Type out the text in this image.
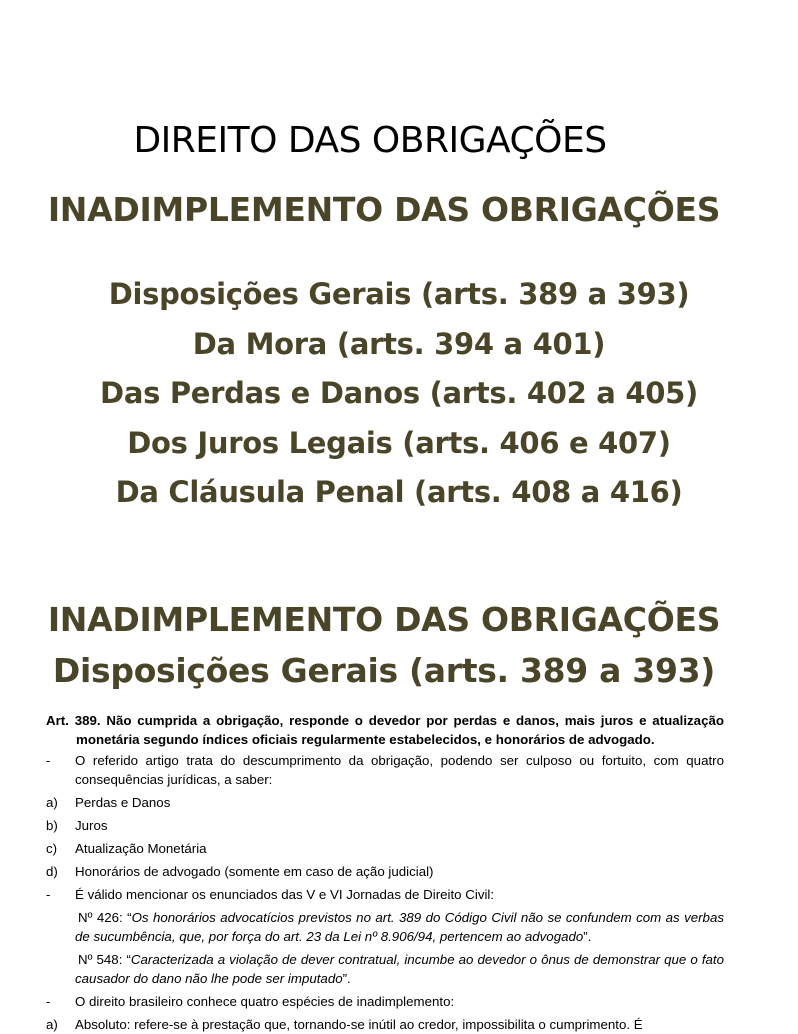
DIREITO DAS OBRIGAÇÕES
INADIMPLEMENTO DAS OBRIGAÇÕES
Disposições Gerais (arts. 389 a 393)
Da Mora (arts. 394 a 401)
Das Perdas e Danos (arts. 402 a 405)
Dos Juros Legais (arts. 406 e 407)
Da Cláusula Penal (arts. 408 a 416)
INADIMPLEMENTO DAS OBRIGAÇÕES
Disposições Gerais (arts. 389 a 393)
Art. 389. Não cumprida a obrigação, responde o devedor por perdas e danos, mais juros e atualização monetária segundo índices oficiais regularmente estabelecidos, e honorários de advogado.
-	O referido artigo trata do descumprimento da obrigação, podendo ser culposo ou fortuito, com quatro consequências jurídicas, a saber:
a)	Perdas e Danos
b)	Juros
c)	Atualização Monetária
d)	Honorários de advogado (somente em caso de ação judicial)
-	É válido mencionar os enunciados das V e VI Jornadas de Direito Civil:
Nº 426: “Os honorários advocatícios previstos no art. 389 do Código Civil não se confundem com as verbas de sucumbência, que, por força do art. 23 da Lei nº 8.906/94, pertencem ao advogado”.
Nº 548: “Caracterizada a violação de dever contratual, incumbe ao devedor o ônus de demonstrar que o fato causador do dano não lhe pode ser imputado”.
-	O direito brasileiro conhece quatro espécies de inadimplemento:
a)	Absoluto: refere-se à prestação que, tornando-se inútil ao credor, impossibilita o cumprimento. É
